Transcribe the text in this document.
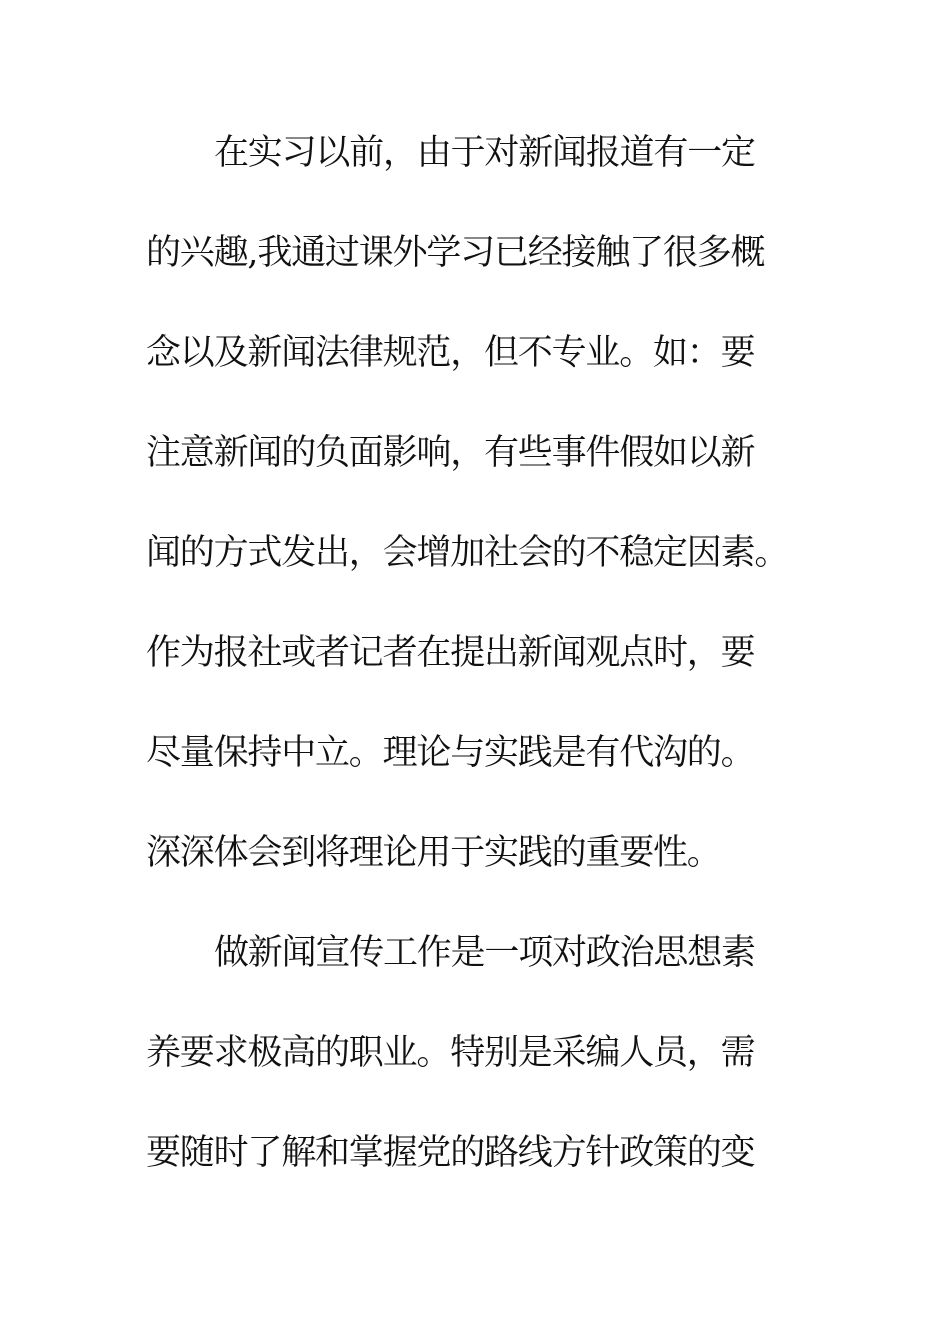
在实习以前，由于对新闻报道有一定
的兴趣,我通过课外学习已经接触了很多概
念以及新闻法律规范，但不专业。如：要
注意新闻的负面影响，有些事件假如以新
闻的方式发出，会增加社会的不稳定因素。
作为报社或者记者在提出新闻观点时，要
尽量保持中立。理论与实践是有代沟的。
深深体会到将理论用于实践的重要性。
做新闻宣传工作是一项对政治思想素
养要求极高的职业。特别是采编人员，需
要随时了解和掌握党的路线方针政策的变
